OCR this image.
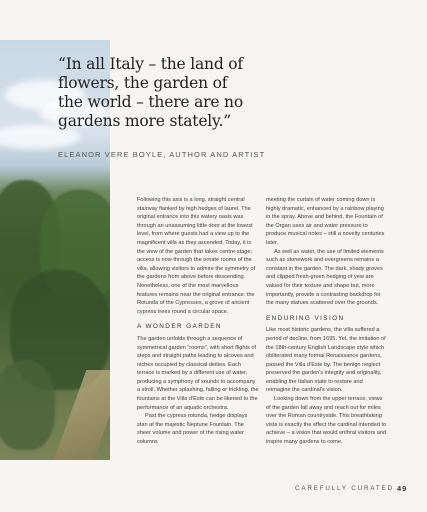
“In all Italy – the land of
flowers, the garden of
the world – there are no
gardens more stately.”
ELEANOR VERE BOYLE, AUTHOR AND ARTIST

Following this axis is a long, straight central stairway flanked by high hedges of laurel. The original entrance into this watery oasis was through an unassuming little door at the lowest level, from where guests had a view up to the magnificent villa as they ascended. Today, it is the view of the garden that takes centre-stage; access is now through the ornate rooms of the villa, allowing visitors to admire the symmetry of the gardens from above before descending. Nonetheless, one of the most marvellous features remains near the original entrance: the Rotunda of the Cypresses, a grove of ancient cypress trees round a circular space.

A WONDER GARDEN

The garden unfolds through a sequence of symmetrical garden “rooms”, with short flights of steps and straight paths leading to alcoves and niches occupied by classical deities. Each terrace is marked by a different use of water, producing a symphony of sounds to accompany a stroll. Whether splashing, falling or trickling, the fountains at the Villa d’Este can be likened to the performance of an aquatic orchestra.

Past the cypress rotunda, hedge displays stan at the majestic Neptune Fountain. The sheer volume and power of the rising water columns

meeting the curtain of water coming down is highly dramatic, enhanced by a rainbow playing in the spray. Above and behind, the Fountain of the Organ uses air and water pressure to produce musical notes – still a novelty centuries later.

As well as water, the use of limited elements such as stonework and evergreens remains a constant in the garden. The dark, shady groves and clipped fresh-green hedging of yew are valued for their texture and shape but, more importantly, provide a contrasting backdrop for the many statues scattered over the grounds.

ENDURING VISION

Like most historic gardens, the villa suffered a period of decline, from 1695. Yet, the imitation of the 18th-century English Landscape style which obliterated many formal Renaissance gardens, passed the Villa d’Este by. The benign neglect preserved the garden’s integrity and originality, enabling the Italian state to restore and reimagine the cardinal’s vision.

Looking down from the upper terrace, views of the garden fall away and reach out for miles over the Roman countryside. This breathtaking vista is exactly the effect the cardinal intended to achieve – a vision that would enthral visitors and inspire many gardens to come.

CAREFULLY CURATED 49
